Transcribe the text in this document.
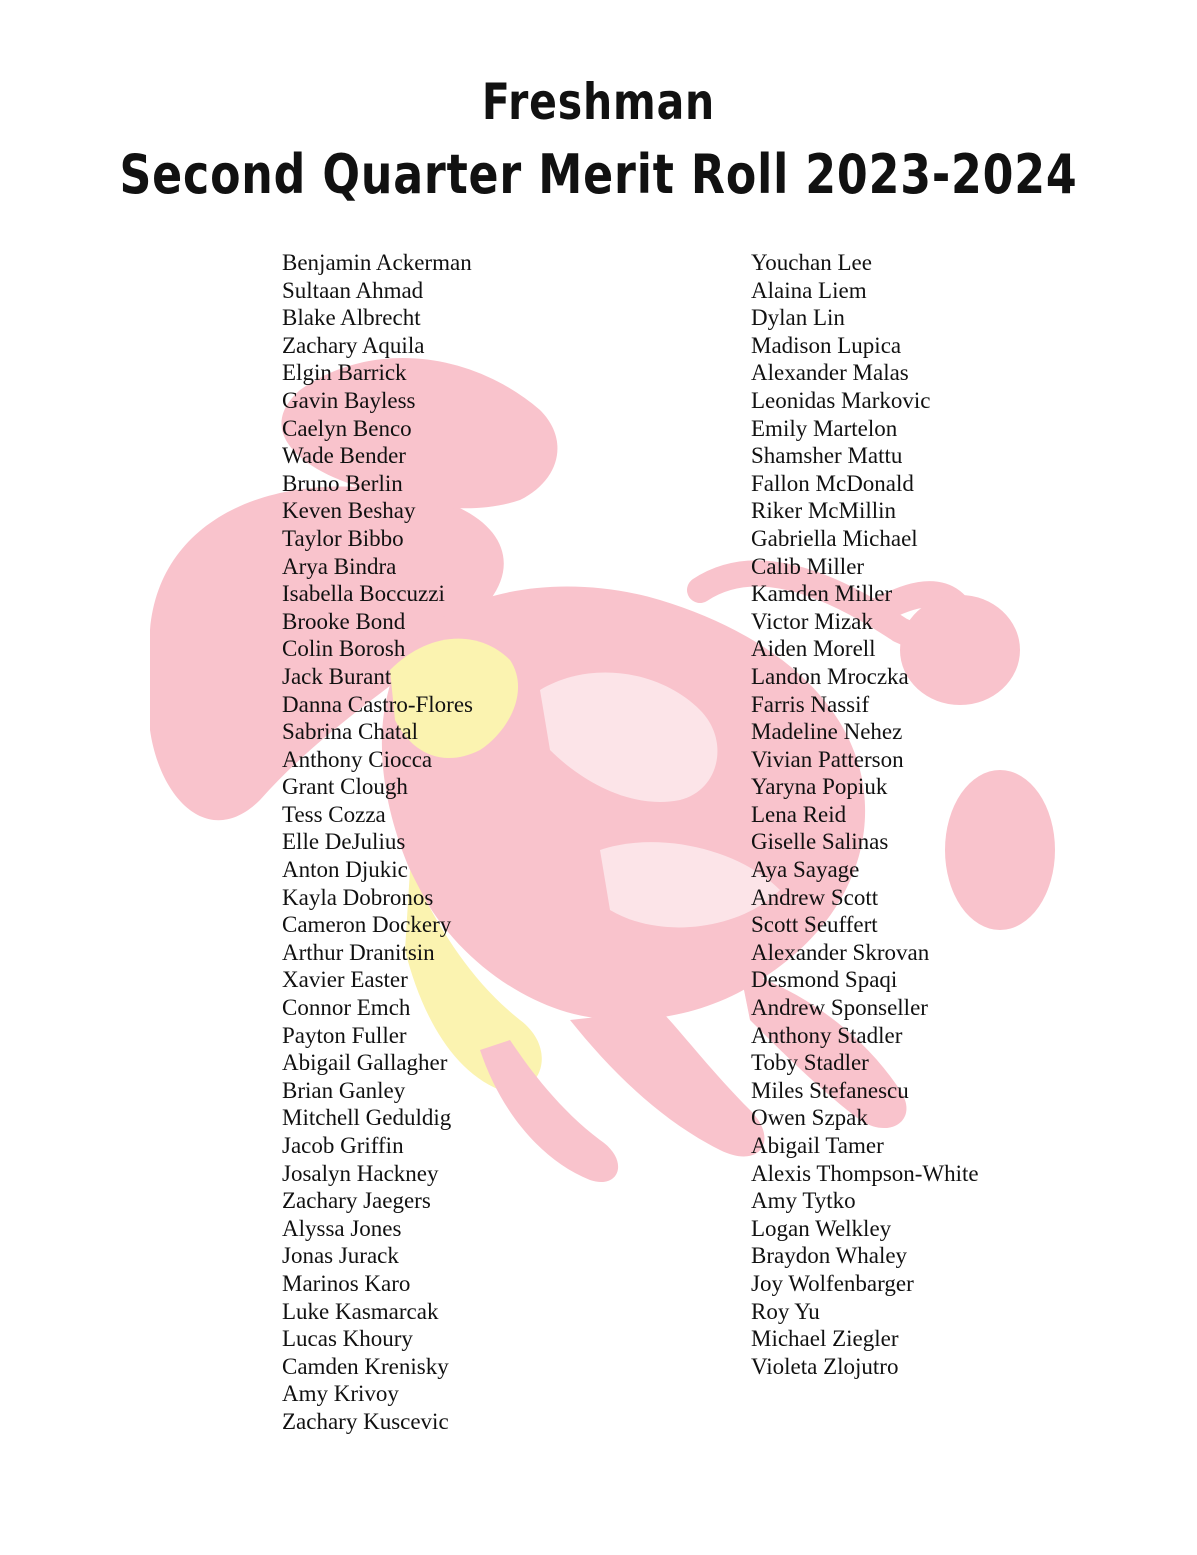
Freshman
Second Quarter Merit Roll 2023-2024
Benjamin Ackerman
Sultaan Ahmad
Blake Albrecht
Zachary Aquila
Elgin Barrick
Gavin Bayless
Caelyn Benco
Wade Bender
Bruno Berlin
Keven Beshay
Taylor Bibbo
Arya Bindra
Isabella Boccuzzi
Brooke Bond
Colin Borosh
Jack Burant
Danna Castro-Flores
Sabrina Chatal
Anthony Ciocca
Grant Clough
Tess Cozza
Elle DeJulius
Anton Djukic
Kayla Dobronos
Cameron Dockery
Arthur Dranitsin
Xavier Easter
Connor Emch
Payton Fuller
Abigail Gallagher
Brian Ganley
Mitchell Geduldig
Jacob Griffin
Josalyn Hackney
Zachary Jaegers
Alyssa Jones
Jonas Jurack
Marinos Karo
Luke Kasmarcak
Lucas Khoury
Camden Krenisky
Amy Krivoy
Zachary Kuscevic
Youchan Lee
Alaina Liem
Dylan Lin
Madison Lupica
Alexander Malas
Leonidas Markovic
Emily Martelon
Shamsher Mattu
Fallon McDonald
Riker McMillin
Gabriella Michael
Calib Miller
Kamden Miller
Victor Mizak
Aiden Morell
Landon Mroczka
Farris Nassif
Madeline Nehez
Vivian Patterson
Yaryna Popiuk
Lena Reid
Giselle Salinas
Aya Sayage
Andrew Scott
Scott Seuffert
Alexander Skrovan
Desmond Spaqi
Andrew Sponseller
Anthony Stadler
Toby Stadler
Miles Stefanescu
Owen Szpak
Abigail Tamer
Alexis Thompson-White
Amy Tytko
Logan Welkley
Braydon Whaley
Joy Wolfenbarger
Roy Yu
Michael Ziegler
Violeta Zlojutro
